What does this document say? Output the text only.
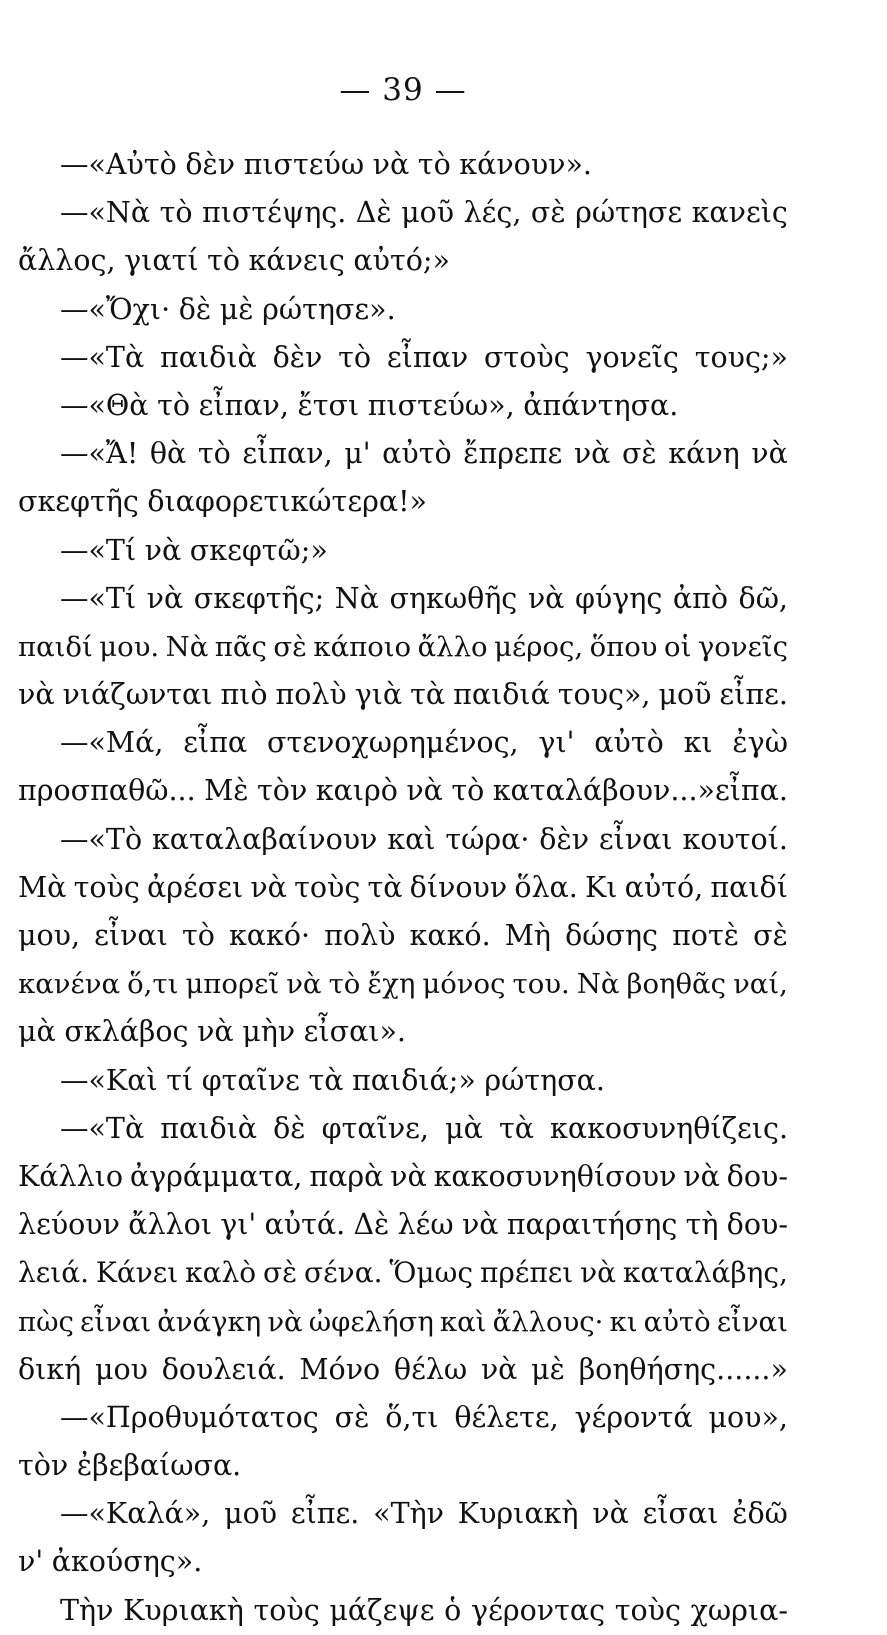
— 39 —
—«Αὐτὸ δὲν πιστεύω νὰ τὸ κάνουν».
—«Νὰ τὸ πιστέψης. Δὲ μοῦ λές, σὲ ρώτησε κανεὶς
ἄλλος, γιατί τὸ κάνεις αὐτό;»
—«Ὄχι· δὲ μὲ ρώτησε».
—«Τὰ παιδιὰ δὲν τὸ εἶπαν στοὺς γονεῖς τους;»
—«Θὰ τὸ εἶπαν, ἔτσι πιστεύω», ἀπάντησα.
—«Ἄ! θὰ τὸ εἶπαν, μ' αὐτὸ ἔπρεπε νὰ σὲ κάνη νὰ
σκεφτῆς διαφορετικώτερα!»
—«Τί νὰ σκεφτῶ;»
—«Τί νὰ σκεφτῆς; Νὰ σηκωθῆς νὰ φύγης ἀπὸ δῶ,
παιδί μου. Νὰ πᾶς σὲ κάποιο ἄλλο μέρος, ὅπου οἱ γονεῖς
νὰ νιάζωνται πιὸ πολὺ γιὰ τὰ παιδιά τους», μοῦ εἶπε.
—«Μά, εἶπα στενοχωρημένος, γι' αὐτὸ κι ἐγὼ
προσπαθῶ... Μὲ τὸν καιρὸ νὰ τὸ καταλάβουν...»εἶπα.
—«Τὸ καταλαβαίνουν καὶ τώρα· δὲν εἶναι κουτοί.
Μὰ τοὺς ἀρέσει νὰ τοὺς τὰ δίνουν ὅλα. Κι αὐτό, παιδί
μου, εἶναι τὸ κακό· πολὺ κακό. Μὴ δώσης ποτὲ σὲ
κανένα ὅ,τι μπορεῖ νὰ τὸ ἔχη μόνος του. Νὰ βοηθᾶς ναί,
μὰ σκλάβος νὰ μὴν εἶσαι».
—«Καὶ τί φταῖνε τὰ παιδιά;» ρώτησα.
—«Τὰ παιδιὰ δὲ φταῖνε, μὰ τὰ κακοσυνηθίζεις.
Κάλλιο ἀγράμματα, παρὰ νὰ κακοσυνηθίσουν νὰ δου-
λεύουν ἄλλοι γι' αὐτά. Δὲ λέω νὰ παραιτήσης τὴ δου-
λειά. Κάνει καλὸ σὲ σένα. Ὅμως πρέπει νὰ καταλάβης,
πὼς εἶναι ἀνάγκη νὰ ὠφελήση καὶ ἄλλους· κι αὐτὸ εἶναι
δική μου δουλειά. Μόνο θέλω νὰ μὲ βοηθήσης......»
—«Προθυμότατος σὲ ὅ,τι θέλετε, γέροντά μου»,
τὸν ἐβεβαίωσα.
—«Καλά», μοῦ εἶπε. «Τὴν Κυριακὴ νὰ εἶσαι ἐδῶ
ν' ἀκούσης».
Τὴν Κυριακὴ τοὺς μάζεψε ὁ γέροντας τοὺς χωρια-
